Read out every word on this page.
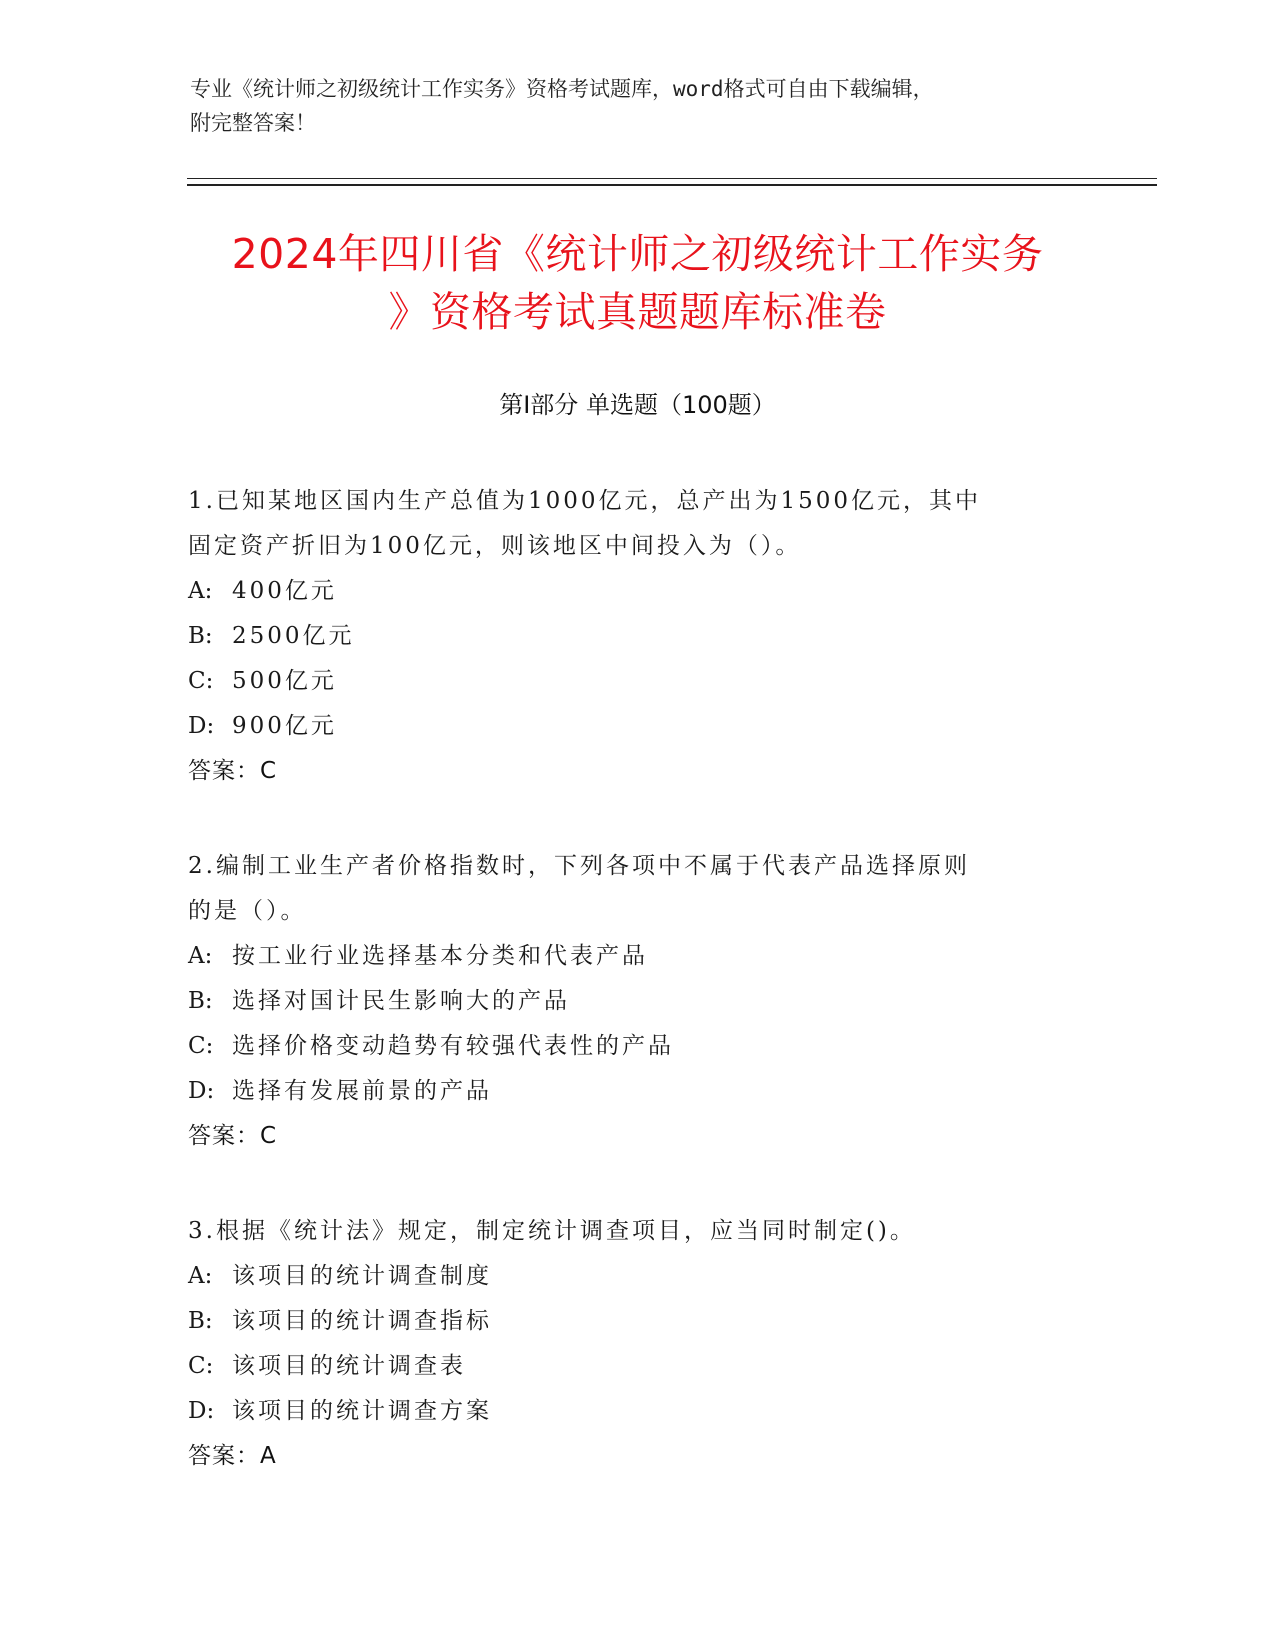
专业《统计师之初级统计工作实务》资格考试题库，word格式可自由下载编辑，
附完整答案！
2024年四川省《统计师之初级统计工作实务
》资格考试真题题库标准卷
第I部分 单选题（100题）
1.已知某地区国内生产总值为1000亿元，总产出为1500亿元，其中
固定资产折旧为100亿元，则该地区中间投入为（）。
A: 400亿元
B: 2500亿元
C: 500亿元
D: 900亿元
答案：C
2.编制工业生产者价格指数时，下列各项中不属于代表产品选择原则
的是（）。
A: 按工业行业选择基本分类和代表产品
B: 选择对国计民生影响大的产品
C: 选择价格变动趋势有较强代表性的产品
D: 选择有发展前景的产品
答案：C
3.根据《统计法》规定，制定统计调查项目，应当同时制定()。
A: 该项目的统计调查制度
B: 该项目的统计调查指标
C: 该项目的统计调查表
D: 该项目的统计调查方案
答案：A
